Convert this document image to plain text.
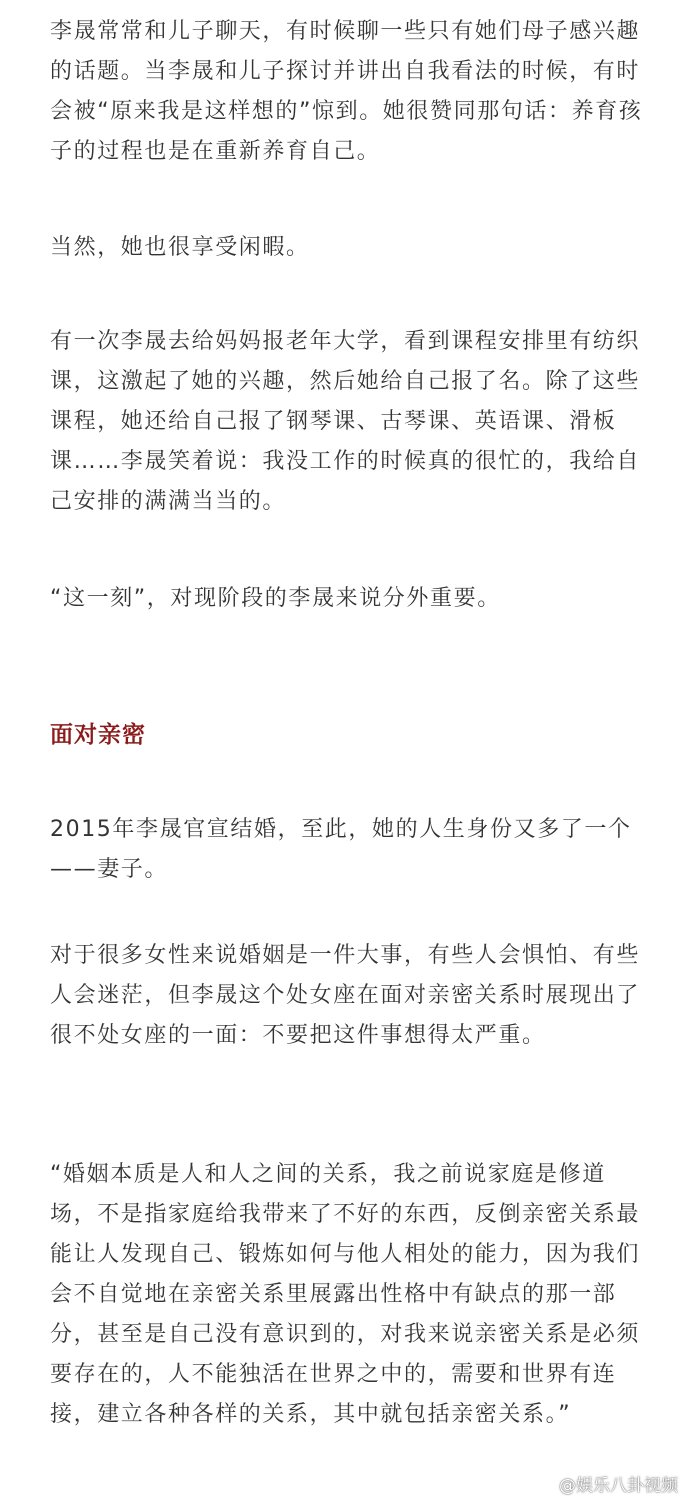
李晟常常和儿子聊天，有时候聊一些只有她们母子感兴趣的话题。当李晟和儿子探讨并讲出自我看法的时候，有时会被“原来我是这样想的”惊到。她很赞同那句话：养育孩子的过程也是在重新养育自己。

当然，她也很享受闲暇。

有一次李晟去给妈妈报老年大学，看到课程安排里有纺织课，这激起了她的兴趣，然后她给自己报了名。除了这些课程，她还给自己报了钢琴课、古琴课、英语课、滑板课……李晟笑着说：我没工作的时候真的很忙的，我给自己安排的满满当当的。

“这一刻”，对现阶段的李晟来说分外重要。

面对亲密

2015年李晟官宣结婚，至此，她的人生身份又多了一个——妻子。

对于很多女性来说婚姻是一件大事，有些人会惧怕、有些人会迷茫，但李晟这个处女座在面对亲密关系时展现出了很不处女座的一面：不要把这件事想得太严重。

“婚姻本质是人和人之间的关系，我之前说家庭是修道场，不是指家庭给我带来了不好的东西，反倒亲密关系最能让人发现自己、锻炼如何与他人相处的能力，因为我们会不自觉地在亲密关系里展露出性格中有缺点的那一部分，甚至是自己没有意识到的，对我来说亲密关系是必须要存在的，人不能独活在世界之中的，需要和世界有连接，建立各种各样的关系，其中就包括亲密关系。”

@娱乐八卦视频
